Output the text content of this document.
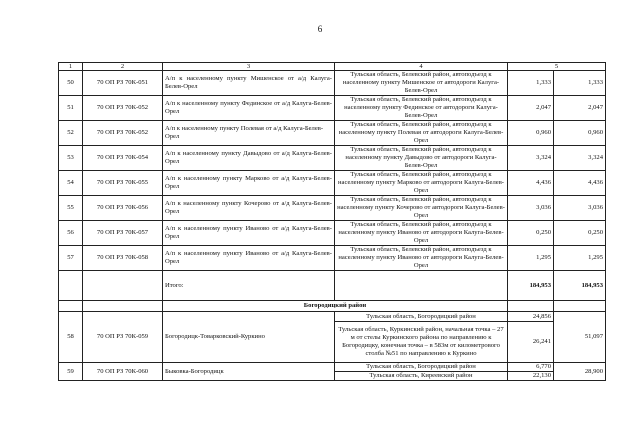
6
1	2	3	4	5	
50	70 ОП РЗ 70К-051	А/п к населенному пункту Мишенское от а/д Калуга-Белев-Орел	Тульская область, Белевский район, автоподъезд к населенному пункту Мишенское от автодороги Калуга-Белев-Орел	1,333	1,333
51	70 ОП РЗ 70К-052	А/п к населенному пункту Фединское от а/д Калуга-Белев-Орел	Тульская область, Белевский район, автоподъезд к населенному пункту Фединское от автодороги Калуга-Белев-Орел	2,047	2,047
52	70 ОП РЗ 70К-052	А/п к населенному пункту Полевая от а/д Калуга-Белев-Орел	Тульская область, Белевский район, автоподъезд к населенному пункту Полевая от автодороги Калуга-Белев-Орел	0,960	0,960
53	70 ОП РЗ 70К-054	А/п к населенному пункту Давыдово от а/д Калуга-Белев-Орел	Тульская область, Белевский район, автоподъезд к населенному пункту Давыдово от автодороги Калуга-Белев-Орел	3,324	3,324
54	70 ОП РЗ 70К-055	А/п к населенному пункту Марково от а/д Калуга-Белев-Орел	Тульская область, Белевский район, автоподъезд к населенному пункту Марково от автодороги Калуга-Белев-Орел	4,436	4,436
55	70 ОП РЗ 70К-056	А/п к населенному пункту Кочерово от а/д Калуга-Белев-Орел	Тульская область, Белевский район, автоподъезд к населенному пункту Кочерово от автодороги Калуга-Белев-Орел	3,036	3,036
56	70 ОП РЗ 70К-057	А/п к населенному пункту Иваново от а/д Калуга-Белев-Орел	Тульская область, Белевский район, автоподъезд к населенному пункту Иваново от автодороги Калуга-Белев-Орел	0,250	0,250
57	70 ОП РЗ 70К-058	А/п к населенному пункту Иваново от а/д Калуга-Белев-Орел	Тульская область, Белевский район, автоподъезд к населенному пункту Иваново от автодороги Калуга-Белев-Орел	1,295	1,295
		Итого:		184,953	184,953
		Богородицкий район			
58	70 ОП РЗ 70К-059	Богородицк-Товарковский-Куркино	Тульская область, Богородицкий район	24,856	51,097
			Тульская область, Куркинский район, начальная точка – 27 м от стелы Куркинского района по направлению к Богородицку, конечная точка – в 583м от километрового столба №51 по направлению к Куркино	26,241	
59	70 ОП РЗ 70К-060	Быковка-Богородицк	Тульская область, Богородицкий район	6,770	28,900
			Тульская область, Киреевский район	22,130	
